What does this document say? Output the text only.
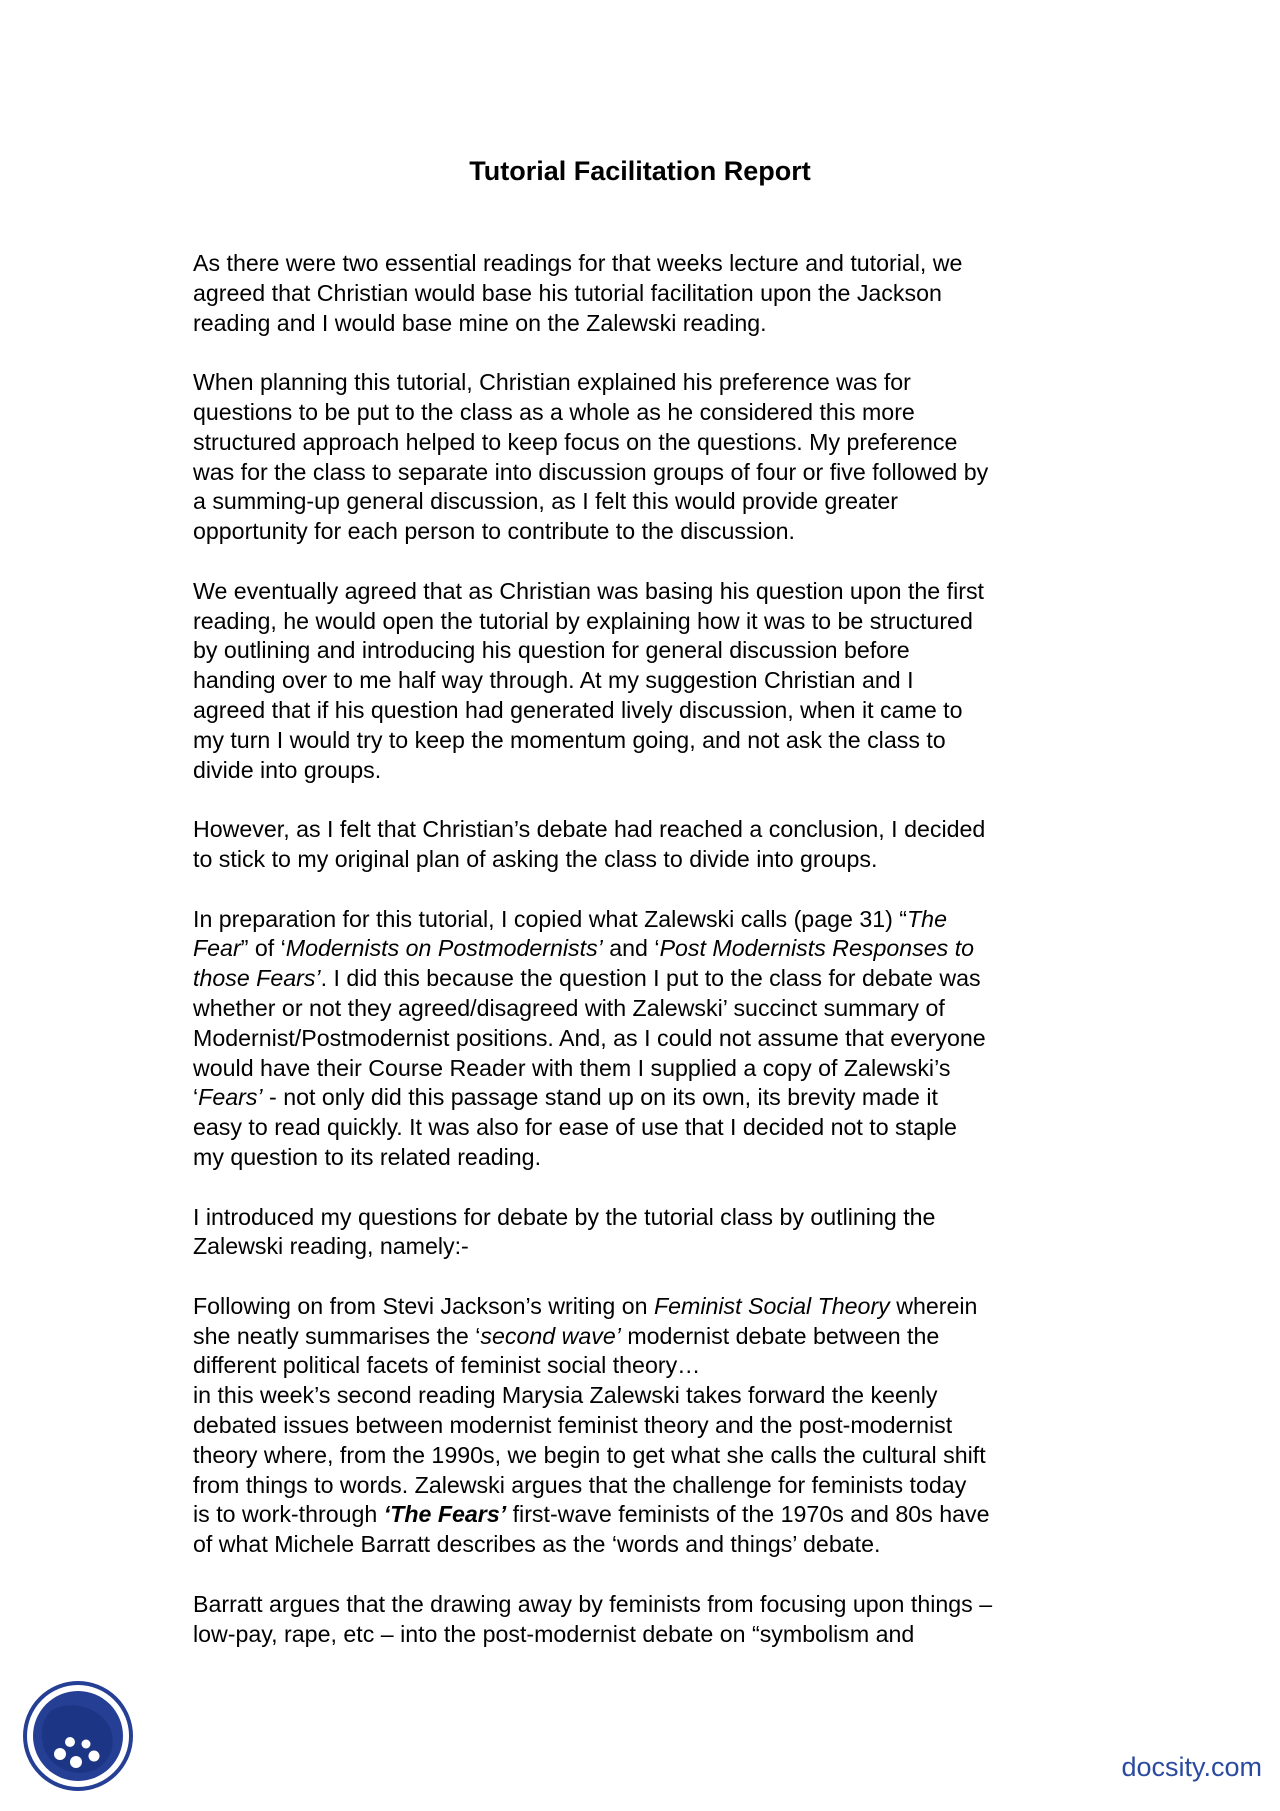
Tutorial Facilitation Report

As there were two essential readings for that weeks lecture and tutorial, we
agreed that Christian would base his tutorial facilitation upon the Jackson
reading and I would base mine on the Zalewski reading.

When planning this tutorial, Christian explained his preference was for
questions to be put to the class as a whole as he considered this more
structured approach helped to keep focus on the questions. My preference
was for the class to separate into discussion groups of four or five followed by
a summing-up general discussion, as I felt this would provide greater
opportunity for each person to contribute to the discussion.

We eventually agreed that as Christian was basing his question upon the first
reading, he would open the tutorial by explaining how it was to be structured
by outlining and introducing his question for general discussion before
handing over to me half way through. At my suggestion Christian and I
agreed that if his question had generated lively discussion, when it came to
my turn I would try to keep the momentum going, and not ask the class to
divide into groups.

However, as I felt that Christian’s debate had reached a conclusion, I decided
to stick to my original plan of asking the class to divide into groups.

In preparation for this tutorial, I copied what Zalewski calls (page 31) “The
Fear” of ‘Modernists on Postmodernists’ and ‘Post Modernists Responses to
those Fears’. I did this because the question I put to the class for debate was
whether or not they agreed/disagreed with Zalewski’ succinct summary of
Modernist/Postmodernist positions. And, as I could not assume that everyone
would have their Course Reader with them I supplied a copy of Zalewski’s
‘Fears’ - not only did this passage stand up on its own, its brevity made it
easy to read quickly. It was also for ease of use that I decided not to staple
my question to its related reading.

I introduced my questions for debate by the tutorial class by outlining the
Zalewski reading, namely:-

Following on from Stevi Jackson’s writing on Feminist Social Theory wherein
she neatly summarises the ‘second wave’ modernist debate between the
different political facets of feminist social theory…

in this week’s second reading Marysia Zalewski takes forward the keenly
debated issues between modernist feminist theory and the post-modernist
theory where, from the 1990s, we begin to get what she calls the cultural shift
from things to words. Zalewski argues that the challenge for feminists today
is to work-through ‘The Fears’ first-wave feminists of the 1970s and 80s have
of what Michele Barratt describes as the ‘words and things’ debate.

Barratt argues that the drawing away by feminists from focusing upon things –
low-pay, rape, etc – into the post-modernist debate on “symbolism and

docsity.com
